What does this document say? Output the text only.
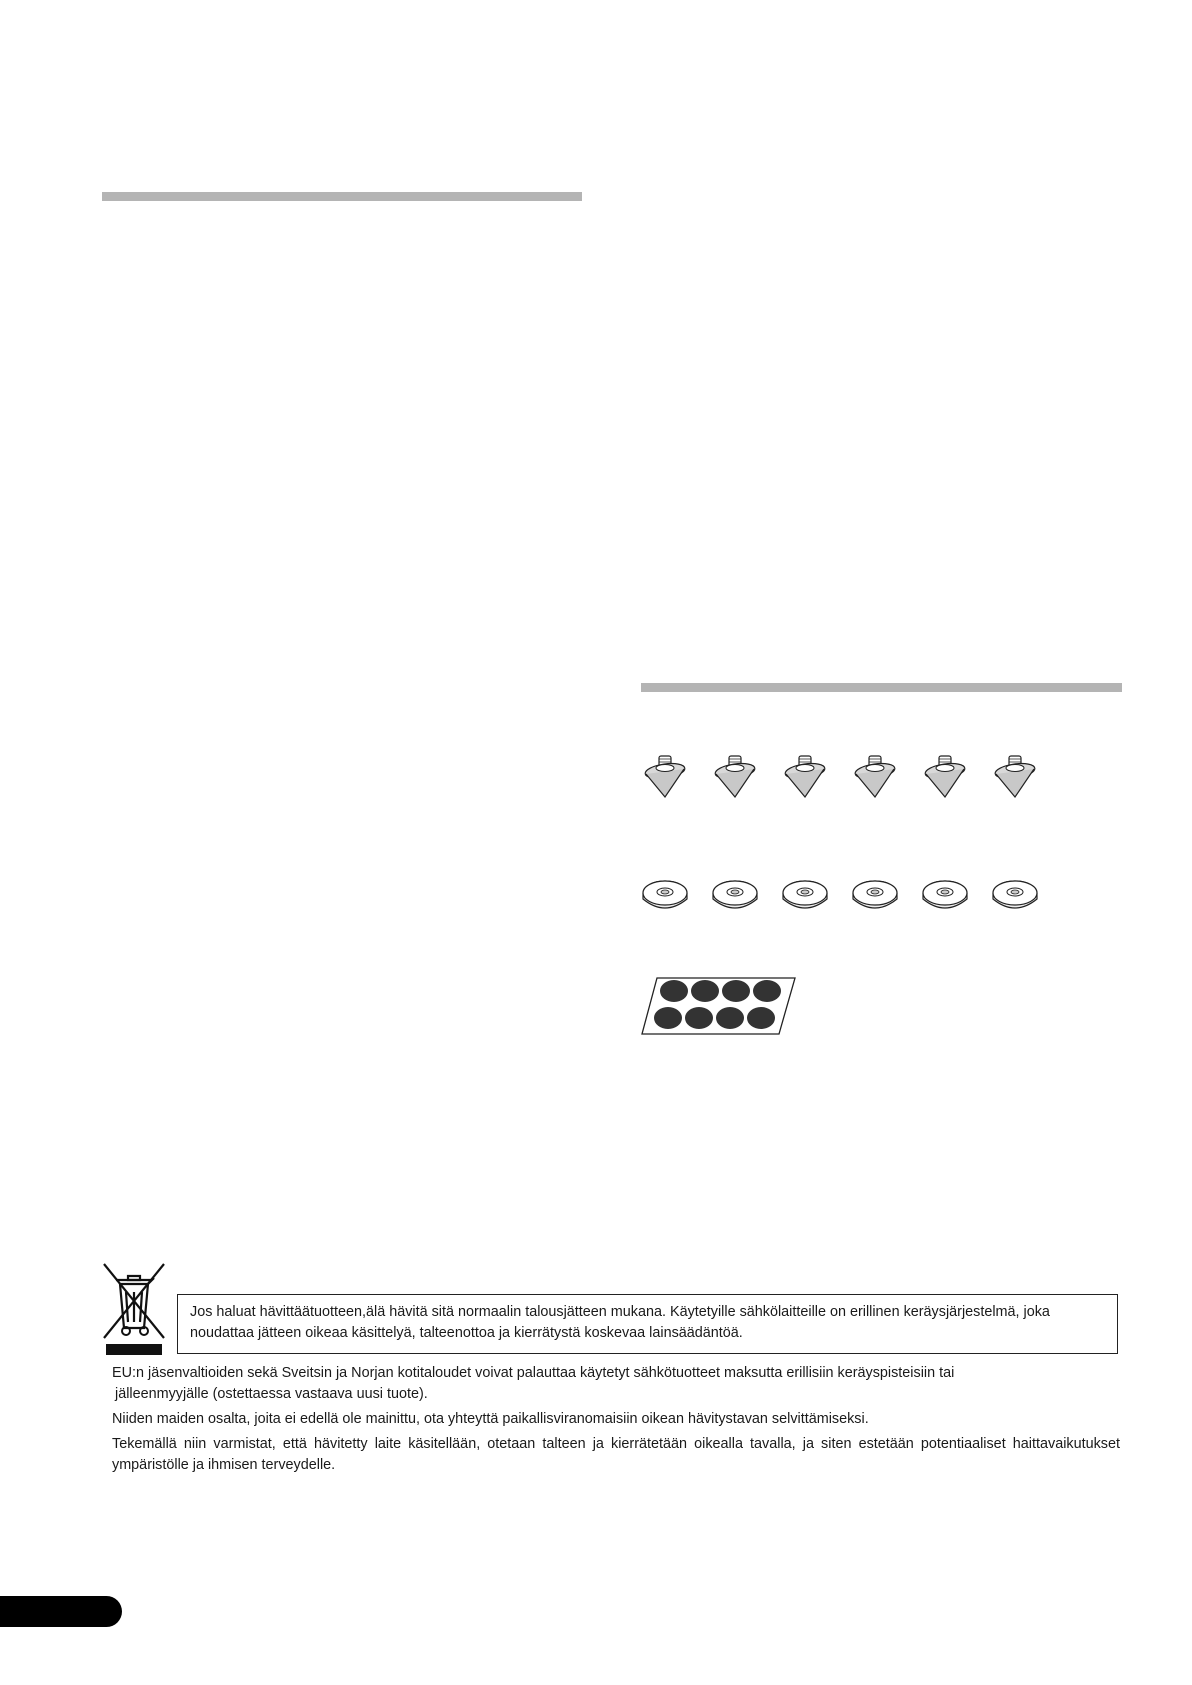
Jos haluat hävittäätuotteen,älä hävitä sitä normaalin talousjätteen mukana. Käytetyille sähkölaitteille on erillinen keräysjärjestelmä, joka noudattaa jätteen oikeaa käsittelyä, talteenottoa ja kierrätystä koskevaa lainsäädäntöä.

EU:n jäsenvaltioiden sekä Sveitsin ja Norjan kotitaloudet voivat palauttaa käytetyt sähkötuotteet maksutta erillisiin keräyspisteisiin tai
jälleenmyyjälle (ostettaessa vastaava uusi tuote).

Niiden maiden osalta, joita ei edellä ole mainittu, ota yhteyttä paikallisviranomaisiin oikean hävitystavan selvittämiseksi.

Tekemällä niin varmistat, että hävitetty laite käsitellään, otetaan talteen ja kierrätetään oikealla tavalla, ja siten estetään potentiaaliset haittavaikutukset ympäristölle ja ihmisen terveydelle.
